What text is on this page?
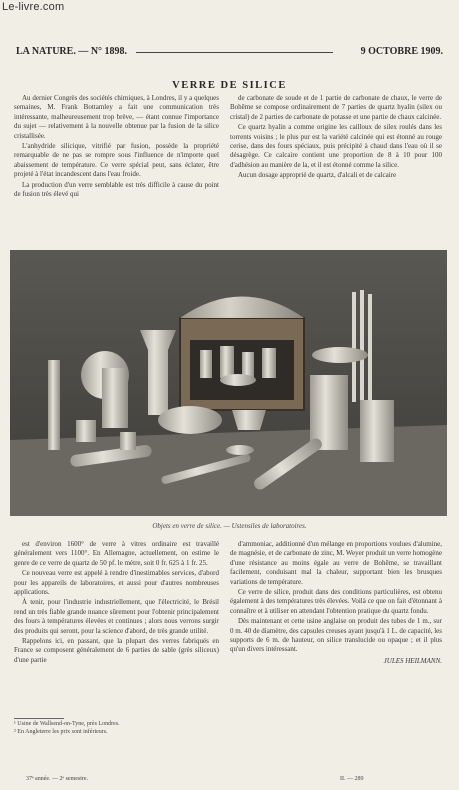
Le-livre.com
LA NATURE. — N° 1898.	9 OCTOBRE 1909.
VERRE DE SILICE

Au dernier Congrès des sociétés chimiques, à Londres, il y a quelques semaines, M. Frank Bottamley a fait une communication très intéressante, malheureusement trop brève, — étant connue l'importance du sujet — relativement à la nouvelle obtenue par la fusion de la silice cristallisée.

L'anhydride silicique, vitrifié par fusion, possède la propriété remarquable de ne pas se rompre sous l'influence de n'importe quel abaissement de température. Ce verre spécial peut, sans éclater, être projeté à l'état incandescent dans l'eau froide.

La production d'un verre semblable est très difficile à cause du point de fusion très élevé qui

de carbonate de soude et de 1 partie de carbonate de chaux, le verre de Bohême se compose ordinairement de 7 parties de quartz hyalin (silex ou cristal) de 2 parties de carbonate de potasse et une partie de chaux calcinée.

Ce quartz hyalin a comme origine les cailloux de silex roulés dans les torrents voisins ; le plus pur est la variété calcinée qui est étonné au rouge cerise, dans des fours spéciaux, puis précipité à chaud dans l'eau où il se désagrège. Ce calcaire contient une proportion de 8 à 10 pour 100 d'adhésion au manière de la, et il est étonné comme la silice.

Aucun dosage approprié de quartz, d'alcali et de calcaire

Objets en verre de silice. — Ustensiles de laboratoires.

est d'environ 1600° de verre à vitres ordinaire est travaillé généralement vers 1100°. En Allemagne, actuellement, on estime le genre de ce verre de quartz de 50 pf. le mètre, soit 0 fr. 625 à 1 fr. 25.

Ce nouveau verre est appelé à rendre d'inestimables services, d'abord pour les appareils de laboratoires, et aussi pour d'autres nombreuses applications.

À tenir, pour l'industrie industriellement, que l'électricité, le Brésil rend un très fiable grande nuance sûrement pour l'obtenir principalement des fours à températures élevées et continues ; alors nous verrons surgir des produits qui seront, pour la science d'abord, de très grande utilité.

Rappelons ici, en passant, que la plupart des verres fabriqués en France se composent généralement de 6 parties de sable (grès siliceux) d'une partie

d'ammoniac, additionné d'un mélange en proportions voulues d'alumine, de magnésie, et de carbonate de zinc, M. Weyer produit un verre homogène d'une résistance au moins égale au verre de Bohême, se travaillant facilement, conduisant mal la chaleur, supportant bien les brusques variations de température.

Ce verre de silice, produit dans des conditions particulières, est obtenu également à des températures très élevées. Voilà ce que on fait d'étonnant à connaître et à utiliser en attendant l'obtention pratique du quartz fondu.

Dès maintenant et cette usine anglaise on produit des tubes de 1 m., sur 0 m. 40 de diamètre, des capsules creuses ayant jusqu'à 1 L. de capacité, les supports de 6 m. de hauteur, on silice translucide ou opaque ; et il plus qu'un divers intéressant.

JULES HEILMANN.
¹ Usine de Wallsend-on-Tyne, près Londres.
² En Angleterre les prix sont inférieurs.
37ᵉ année. — 2ᵉ semestre.	II. — 289
